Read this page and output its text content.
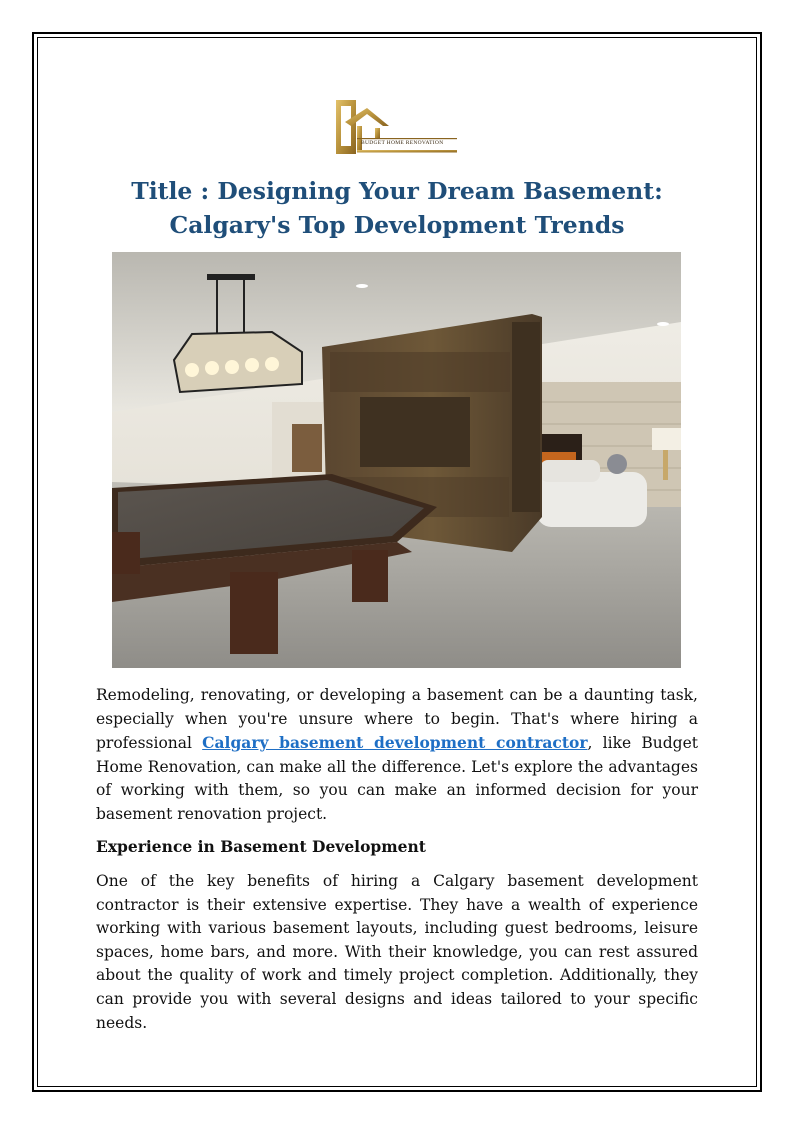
BUDGET HOME RENOVATION
Title : Designing Your Dream Basement:
Calgary's Top Development Trends

Remodeling, renovating, or developing a basement can be a daunting task, especially when you're unsure where to begin. That's where hiring a professional Calgary basement development contractor, like Budget Home Renovation, can make all the difference. Let's explore the advantages of working with them, so you can make an informed decision for your basement renovation project.

Experience in Basement Development

One of the key benefits of hiring a Calgary basement development contractor is their extensive expertise. They have a wealth of experience working with various basement layouts, including guest bedrooms, leisure spaces, home bars, and more. With their knowledge, you can rest assured about the quality of work and timely project completion. Additionally, they can provide you with several designs and ideas tailored to your specific needs.
